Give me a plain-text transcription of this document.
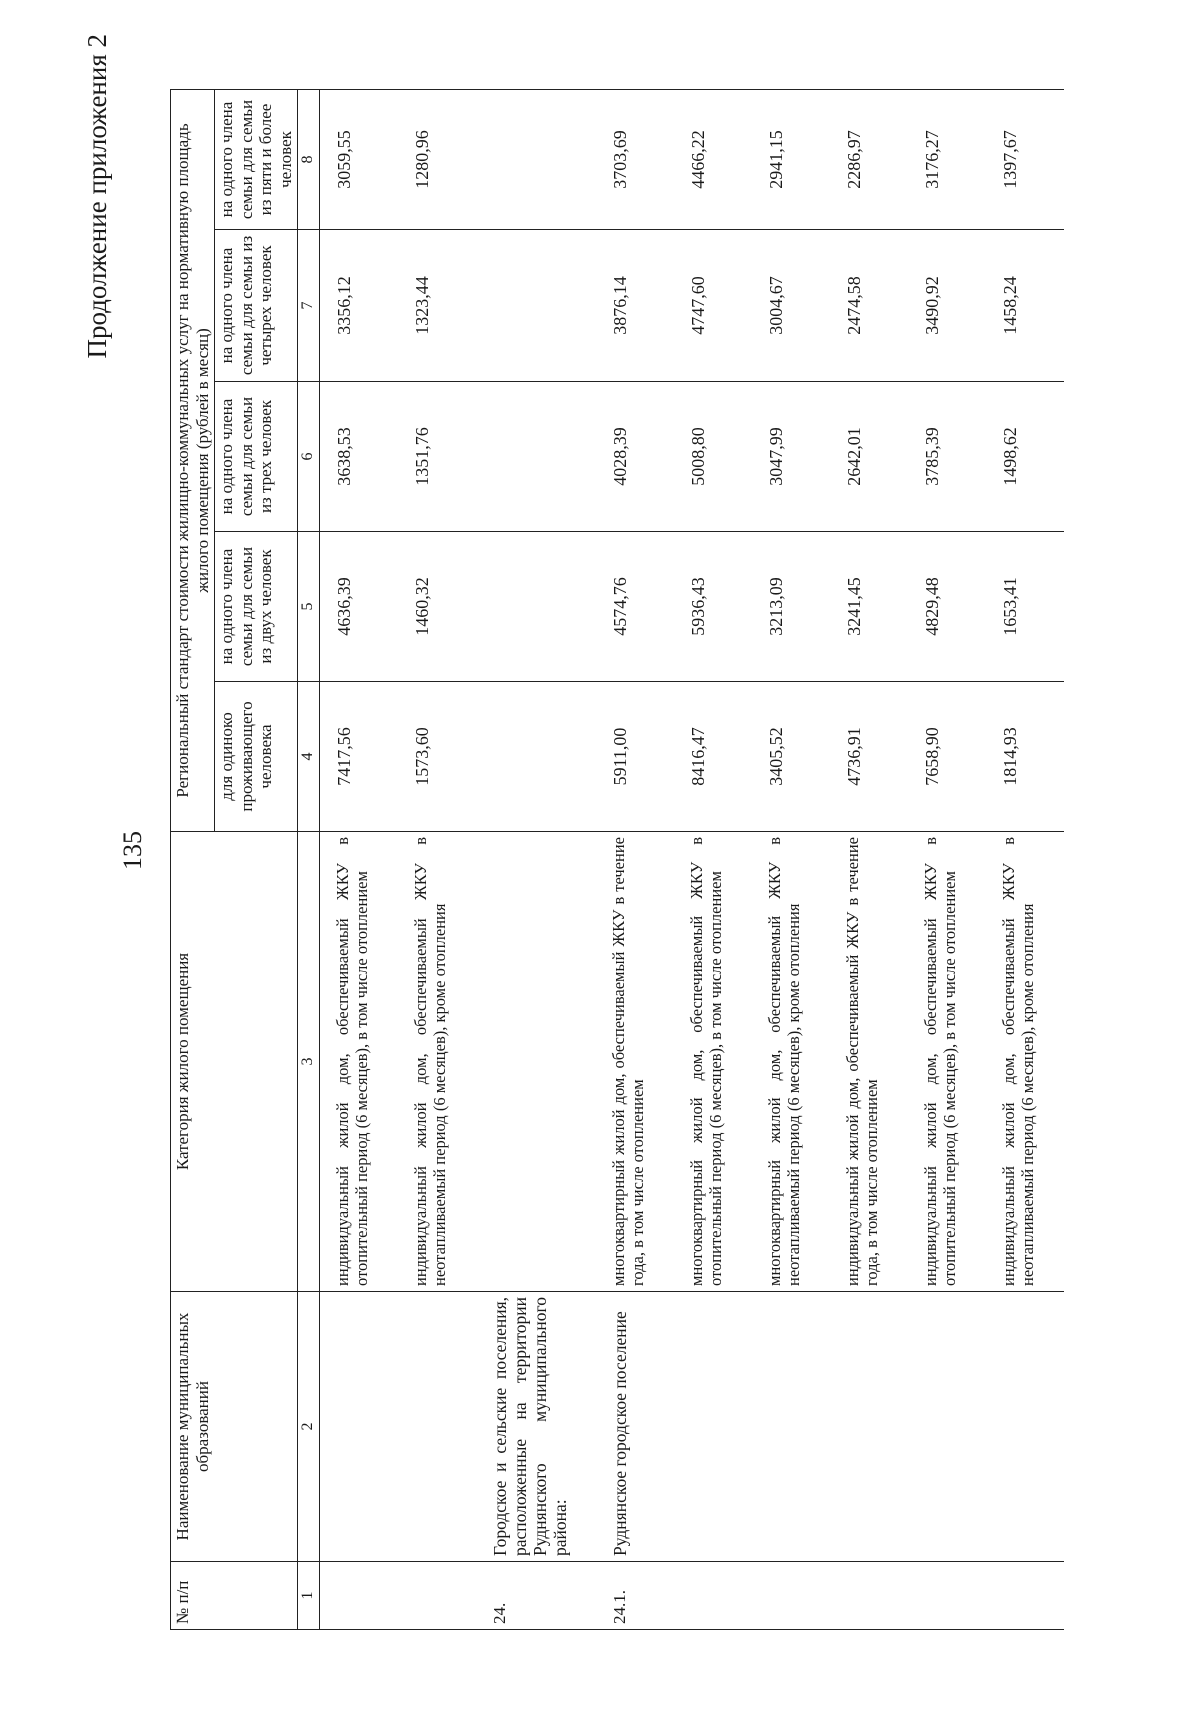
135
Продолжение приложения 2
№ п/п	Наименование муниципальных образований	Категория жилого помещения	Региональный стандарт стоимости жилищно-коммунальных услуг на нормативную площадь жилого помещения (рублей в месяц)				
			для одиноко проживающего человека	на одного члена семьи для семьи из двух человек	на одного члена семьи для семьи из трех человек	на одного члена семьи для семьи из четырех человек	на одного члена семьи для семьи из пяти и более человек
1	2	3	4	5	6	7	8
		индивидуальный жилой дом, обеспечиваемый ЖКУ в отопительный период (6 месяцев), в том числе отоплением	7417,56	4636,39	3638,53	3356,12	3059,55
		индивидуальный жилой дом, обеспечиваемый ЖКУ в неотапливаемый период (6 месяцев), кроме отопления	1573,60	1460,32	1351,76	1323,44	1280,96
24.	Городское и сельские поселения, расположенные на территории Руднянского муниципального района:						
24.1.	Руднянское городское поселение	многоквартирный жилой дом, обеспечиваемый ЖКУ в течение года, в том числе отоплением	5911,00	4574,76	4028,39	3876,14	3703,69
		многоквартирный жилой дом, обеспечиваемый ЖКУ в отопительный период (6 месяцев), в том числе отоплением	8416,47	5936,43	5008,80	4747,60	4466,22
		многоквартирный жилой дом, обеспечиваемый ЖКУ в неотапливаемый период (6 месяцев), кроме отопления	3405,52	3213,09	3047,99	3004,67	2941,15
		индивидуальный жилой дом, обеспечиваемый ЖКУ в течение года, в том числе отоплением	4736,91	3241,45	2642,01	2474,58	2286,97
		индивидуальный жилой дом, обеспечиваемый ЖКУ в отопительный период (6 месяцев), в том числе отоплением	7658,90	4829,48	3785,39	3490,92	3176,27
		индивидуальный жилой дом, обеспечиваемый ЖКУ в неотапливаемый период (6 месяцев), кроме отопления	1814,93	1653,41	1498,62	1458,24	1397,67
